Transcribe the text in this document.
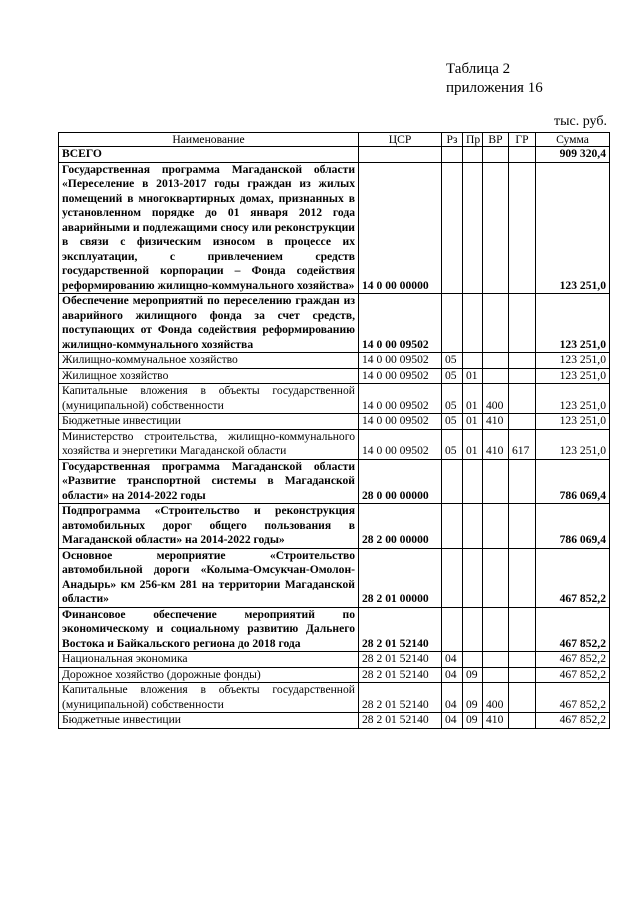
Таблица 2
приложения 16
тыс. руб.
Наименование	ЦСР	Рз	Пр	ВР	ГР	Сумма
ВСЕГО						909 320,4
Государственная программа Магаданской области «Переселение в 2013-2017 годы граждан из жилых помещений в многоквартирных домах, признанных в установленном порядке до 01 января 2012 года аварийными и подлежащими сносу или реконструкции в связи с физическим износом в процессе их эксплуатации, с привлечением средств государственной корпорации – Фонда содействия реформированию жилищно-коммунального хозяйства»	14 0 00 00000					123 251,0
Обеспечение мероприятий по переселению граждан из аварийного жилищного фонда за счет средств, поступающих от Фонда содействия реформированию жилищно-коммунального хозяйства	14 0 00 09502					123 251,0
Жилищно-коммунальное хозяйство	14 0 00 09502	05				123 251,0
Жилищное хозяйство	14 0 00 09502	05	01			123 251,0
Капитальные вложения в объекты государственной (муниципальной) собственности	14 0 00 09502	05	01	400		123 251,0
Бюджетные инвестиции	14 0 00 09502	05	01	410		123 251,0
Министерство строительства, жилищно-коммунального хозяйства и энергетики Магаданской области	14 0 00 09502	05	01	410	617	123 251,0
Государственная программа Магаданской области «Развитие транспортной системы в Магаданской области» на 2014-2022 годы	28 0 00 00000					786 069,4
Подпрограмма «Строительство и реконструкция автомобильных дорог общего пользования в Магаданской области» на 2014-2022 годы»	28 2 00 00000					786 069,4
Основное мероприятие «Строительство автомобильной дороги «Колыма-Омсукчан-Омолон-Анадырь» км 256-км 281 на территории Магаданской области»	28 2 01 00000					467 852,2
Финансовое обеспечение мероприятий по экономическому и социальному развитию Дальнего Востока и Байкальского региона до 2018 года	28 2 01 52140					467 852,2
Национальная экономика	28 2 01 52140	04				467 852,2
Дорожное хозяйство (дорожные фонды)	28 2 01 52140	04	09			467 852,2
Капитальные вложения в объекты государственной (муниципальной) собственности	28 2 01 52140	04	09	400		467 852,2
Бюджетные инвестиции	28 2 01 52140	04	09	410		467 852,2
